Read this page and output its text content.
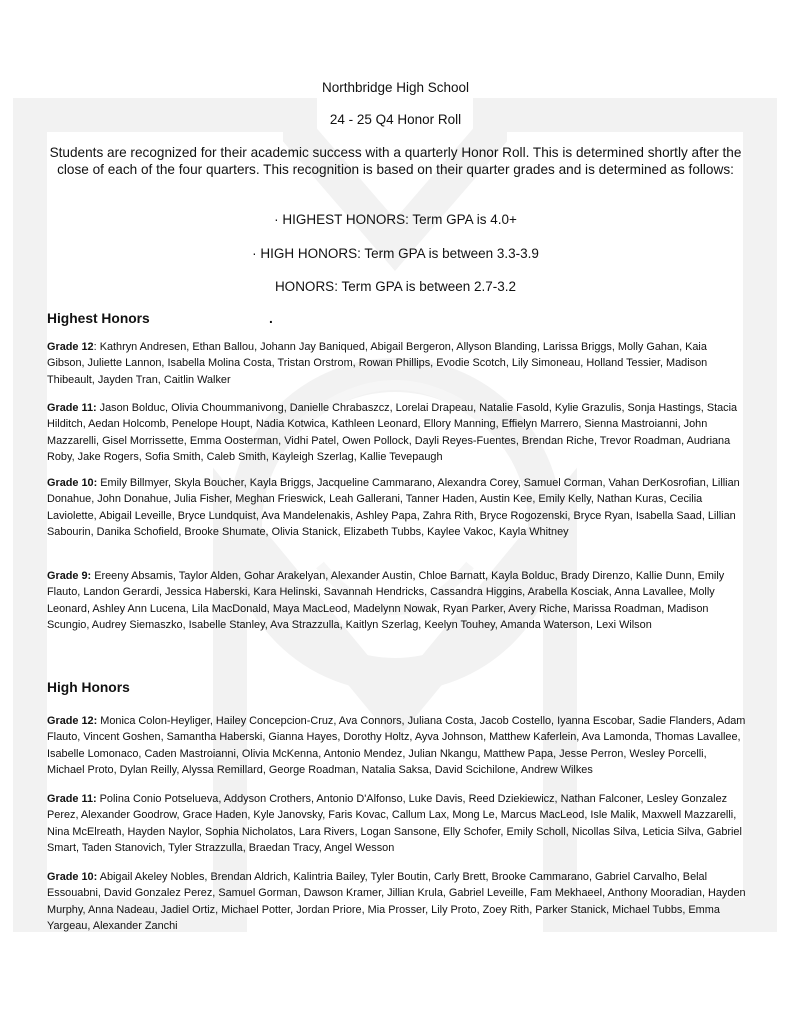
Northbridge High School
24 - 25 Q4 Honor Roll
Students are recognized for their academic success with a quarterly Honor Roll. This is determined shortly after the close of each of the four quarters. This recognition is based on their quarter grades and is determined as follows:
· HIGHEST HONORS: Term GPA is 4.0+
· HIGH HONORS: Term GPA is between 3.3-3.9
HONORS: Term GPA is between 2.7-3.2
Highest Honors	.

Grade 12: Kathryn Andresen, Ethan Ballou, Johann Jay Baniqued, Abigail Bergeron, Allyson Blanding, Larissa Briggs, Molly Gahan, Kaia Gibson, Juliette Lannon, Isabella Molina Costa, Tristan Orstrom, Rowan Phillips, Evodie Scotch, Lily Simoneau, Holland Tessier, Madison Thibeault, Jayden Tran, Caitlin Walker

Grade 11: Jason Bolduc, Olivia Choummanivong, Danielle Chrabaszcz, Lorelai Drapeau, Natalie Fasold, Kylie Grazulis, Sonja Hastings, Stacia Hilditch, Aedan Holcomb, Penelope Houpt, Nadia Kotwica, Kathleen Leonard, Ellory Manning, Effielyn Marrero, Sienna Mastroianni, John Mazzarelli, Gisel Morrissette, Emma Oosterman, Vidhi Patel, Owen Pollock, Dayli Reyes-Fuentes, Brendan Riche, Trevor Roadman, Audriana Roby, Jake Rogers, Sofia Smith, Caleb Smith, Kayleigh Szerlag, Kallie Tevepaugh

Grade 10: Emily Billmyer, Skyla Boucher, Kayla Briggs, Jacqueline Cammarano, Alexandra Corey, Samuel Corman, Vahan DerKosrofian, Lillian Donahue, John Donahue, Julia Fisher, Meghan Frieswick, Leah Gallerani, Tanner Haden, Austin Kee, Emily Kelly, Nathan Kuras, Cecilia Laviolette, Abigail Leveille, Bryce Lundquist, Ava Mandelenakis, Ashley Papa, Zahra Rith, Bryce Rogozenski, Bryce Ryan, Isabella Saad, Lillian Sabourin, Danika Schofield, Brooke Shumate, Olivia Stanick, Elizabeth Tubbs, Kaylee Vakoc, Kayla Whitney

Grade 9: Ereeny Absamis, Taylor Alden, Gohar Arakelyan, Alexander Austin, Chloe Barnatt, Kayla Bolduc, Brady Direnzo, Kallie Dunn, Emily Flauto, Landon Gerardi, Jessica Haberski, Kara Helinski, Savannah Hendricks, Cassandra Higgins, Arabella Kosciak, Anna Lavallee, Molly Leonard, Ashley Ann Lucena, Lila MacDonald, Maya MacLeod, Madelynn Nowak, Ryan Parker, Avery Riche, Marissa Roadman, Madison Scungio, Audrey Siemaszko, Isabelle Stanley, Ava Strazzulla, Kaitlyn Szerlag, Keelyn Touhey, Amanda Waterson, Lexi Wilson

High Honors

Grade 12: Monica Colon-Heyliger, Hailey Concepcion-Cruz, Ava Connors, Juliana Costa, Jacob Costello, Iyanna Escobar, Sadie Flanders, Adam Flauto, Vincent Goshen, Samantha Haberski, Gianna Hayes, Dorothy Holtz, Ayva Johnson, Matthew Kaferlein, Ava Lamonda, Thomas Lavallee, Isabelle Lomonaco, Caden Mastroianni, Olivia McKenna, Antonio Mendez, Julian Nkangu, Matthew Papa, Jesse Perron, Wesley Porcelli, Michael Proto, Dylan Reilly, Alyssa Remillard, George Roadman, Natalia Saksa, David Scichilone, Andrew Wilkes

Grade 11: Polina Conio Potselueva, Addyson Crothers, Antonio D'Alfonso, Luke Davis, Reed Dziekiewicz, Nathan Falconer, Lesley Gonzalez Perez, Alexander Goodrow, Grace Haden, Kyle Janovsky, Faris Kovac, Callum Lax, Mong Le, Marcus MacLeod, Isle Malik, Maxwell Mazzarelli, Nina McElreath, Hayden Naylor, Sophia Nicholatos, Lara Rivers, Logan Sansone, Elly Schofer, Emily Scholl, Nicollas Silva, Leticia Silva, Gabriel Smart, Taden Stanovich, Tyler Strazzulla, Braedan Tracy, Angel Wesson

Grade 10: Abigail Akeley Nobles, Brendan Aldrich, Kalintria Bailey, Tyler Boutin, Carly Brett, Brooke Cammarano, Gabriel Carvalho, Belal Essouabni, David Gonzalez Perez, Samuel Gorman, Dawson Kramer, Jillian Krula, Gabriel Leveille, Fam Mekhaeel, Anthony Mooradian, Hayden Murphy, Anna Nadeau, Jadiel Ortiz, Michael Potter, Jordan Priore, Mia Prosser, Lily Proto, Zoey Rith, Parker Stanick, Michael Tubbs, Emma Yargeau, Alexander Zanchi
